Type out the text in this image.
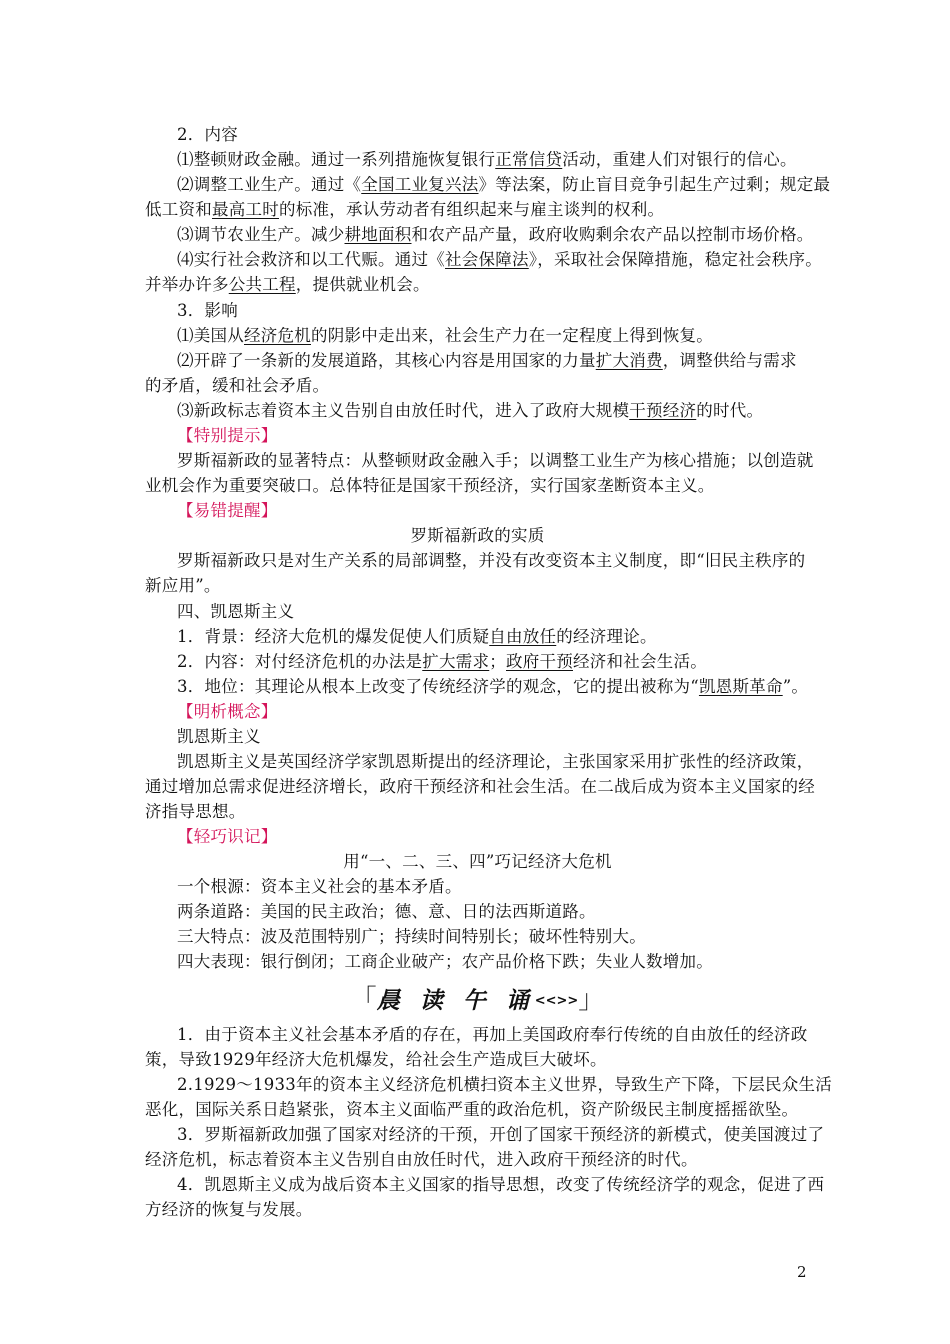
2．内容
⑴整顿财政金融。通过一系列措施恢复银行正常信贷活动，重建人们对银行的信心。
⑵调整工业生产。通过《全国工业复兴法》等法案，防止盲目竞争引起生产过剩；规定最
低工资和最高工时的标准，承认劳动者有组织起来与雇主谈判的权利。
⑶调节农业生产。减少耕地面积和农产品产量，政府收购剩余农产品以控制市场价格。
⑷实行社会救济和以工代赈。通过《社会保障法》，采取社会保障措施，稳定社会秩序。
并举办许多公共工程，提供就业机会。
3．影响
⑴美国从经济危机的阴影中走出来，社会生产力在一定程度上得到恢复。
⑵开辟了一条新的发展道路，其核心内容是用国家的力量扩大消费，调整供给与需求
的矛盾，缓和社会矛盾。
⑶新政标志着资本主义告别自由放任时代，进入了政府大规模干预经济的时代。
【特别提示】
罗斯福新政的显著特点：从整顿财政金融入手；以调整工业生产为核心措施；以创造就
业机会作为重要突破口。总体特征是国家干预经济，实行国家垄断资本主义。
【易错提醒】
罗斯福新政的实质
罗斯福新政只是对生产关系的局部调整，并没有改变资本主义制度，即“旧民主秩序的
新应用”。
四、凯恩斯主义
1．背景：经济大危机的爆发促使人们质疑自由放任的经济理论。
2．内容：对付经济危机的办法是扩大需求；政府干预经济和社会生活。
3．地位：其理论从根本上改变了传统经济学的观念，它的提出被称为“凯恩斯革命”。
【明析概念】
凯恩斯主义
凯恩斯主义是英国经济学家凯恩斯提出的经济理论，主张国家采用扩张性的经济政策，
通过增加总需求促进经济增长，政府干预经济和社会生活。在二战后成为资本主义国家的经
济指导思想。
【轻巧识记】
用“一、二、三、四”巧记经济大危机
一个根源：资本主义社会的基本矛盾。
两条道路：美国的民主政治；德、意、日的法西斯道路。
三大特点：波及范围特别广；持续时间特别长；破坏性特别大。
四大表现：银行倒闭；工商企业破产；农产品价格下跌；失业人数增加。
「晨 读 午 诵<<>>」
1．由于资本主义社会基本矛盾的存在，再加上美国政府奉行传统的自由放任的经济政
策，导致1929年经济大危机爆发，给社会生产造成巨大破坏。
2.1929～1933年的资本主义经济危机横扫资本主义世界，导致生产下降，下层民众生活
恶化，国际关系日趋紧张，资本主义面临严重的政治危机，资产阶级民主制度摇摇欲坠。
3．罗斯福新政加强了国家对经济的干预，开创了国家干预经济的新模式，使美国渡过了
经济危机，标志着资本主义告别自由放任时代，进入政府干预经济的时代。
4．凯恩斯主义成为战后资本主义国家的指导思想，改变了传统经济学的观念，促进了西
方经济的恢复与发展。
2
